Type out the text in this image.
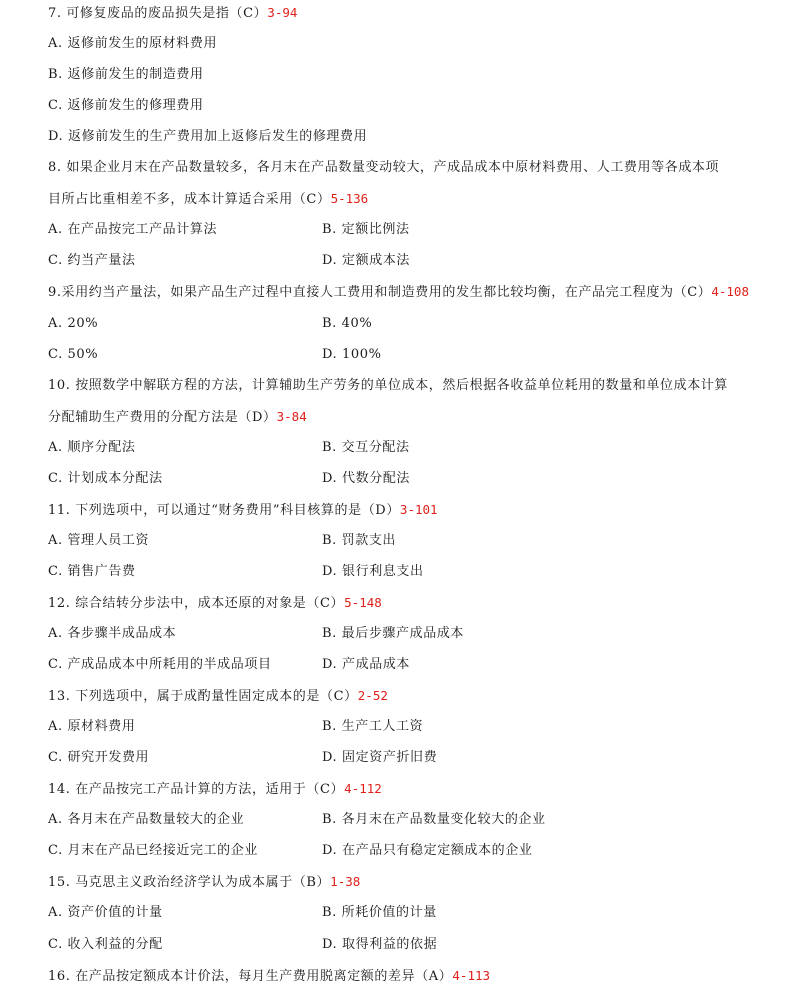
7. 可修复废品的废品损失是指（C）3-94
A. 返修前发生的原材料费用
B. 返修前发生的制造费用
C. 返修前发生的修理费用
D. 返修前发生的生产费用加上返修后发生的修理费用
8. 如果企业月末在产品数量较多，各月末在产品数量变动较大，产成品成本中原材料费用、人工费用等各成本项
目所占比重相差不多，成本计算适合采用（C）5-136
A. 在产品按完工产品计算法	B. 定额比例法
C. 约当产量法	D. 定额成本法
9.采用约当产量法，如果产品生产过程中直接人工费用和制造费用的发生都比较均衡，在产品完工程度为（C）4-108
A. 20%	B. 40%
C. 50%	D. 100%
10. 按照数学中解联方程的方法，计算辅助生产劳务的单位成本，然后根据各收益单位耗用的数量和单位成本计算
分配辅助生产费用的分配方法是（D）3-84
A. 顺序分配法	B. 交互分配法
C. 计划成本分配法	D. 代数分配法
11. 下列选项中，可以通过“财务费用”科目核算的是（D）3-101
A. 管理人员工资	B. 罚款支出
C. 销售广告费	D. 银行利息支出
12. 综合结转分步法中，成本还原的对象是（C）5-148
A. 各步骤半成品成本	B. 最后步骤产成品成本
C. 产成品成本中所耗用的半成品项目	D. 产成品成本
13. 下列选项中，属于成酌量性固定成本的是（C）2-52
A. 原材料费用	B. 生产工人工资
C. 研究开发费用	D. 固定资产折旧费
14. 在产品按完工产品计算的方法，适用于（C）4-112
A. 各月末在产品数量较大的企业	B. 各月末在产品数量变化较大的企业
C. 月末在产品已经接近完工的企业	D. 在产品只有稳定定额成本的企业
15. 马克思主义政治经济学认为成本属于（B）1-38
A. 资产价值的计量	B. 所耗价值的计量
C. 收入利益的分配	D. 取得利益的依据
16. 在产品按定额成本计价法，每月生产费用脱离定额的差异（A）4-113
